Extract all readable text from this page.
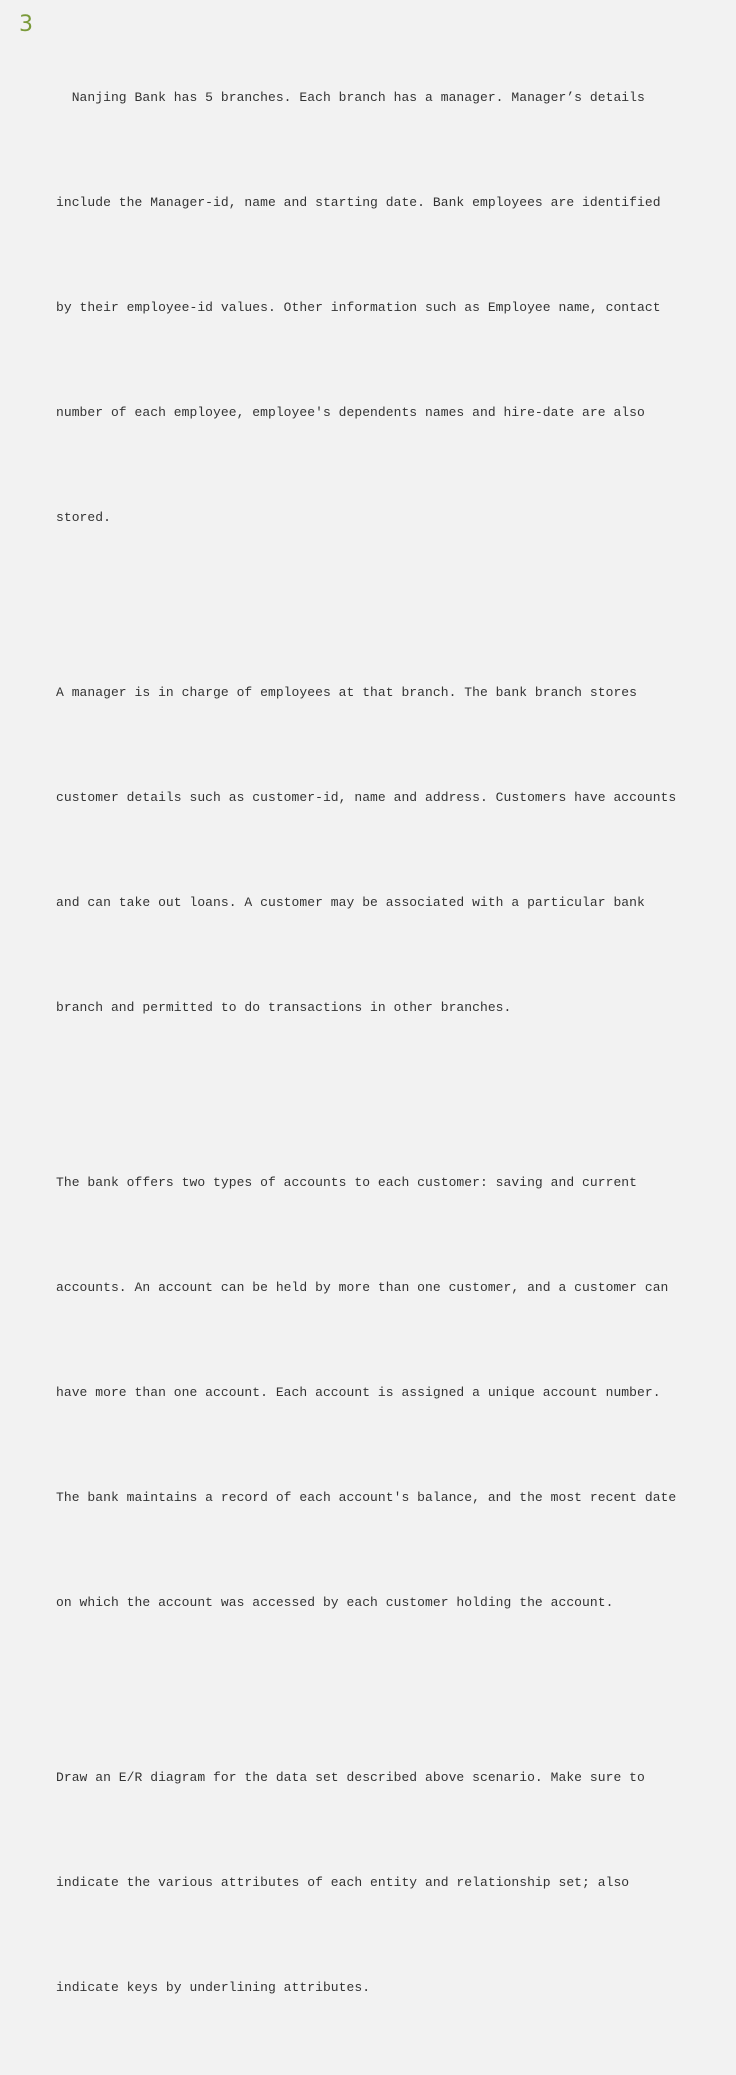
3

Nanjing Bank has 5 branches. Each branch has a manager. Manager’s details

include the Manager-id, name and starting date. Bank employees are identified

by their employee-id values. Other information such as Employee name, contact

number of each employee, employee's dependents names and hire-date are also

stored.

A manager is in charge of employees at that branch. The bank branch stores

customer details such as customer-id, name and address. Customers have accounts

and can take out loans. A customer may be associated with a particular bank

branch and permitted to do transactions in other branches.

The bank offers two types of accounts to each customer: saving and current

accounts. An account can be held by more than one customer, and a customer can

have more than one account. Each account is assigned a unique account number.

The bank maintains a record of each account's balance, and the most recent date

on which the account was accessed by each customer holding the account.

Draw an E/R diagram for the data set described above scenario. Make sure to

indicate the various attributes of each entity and relationship set; also

indicate keys by underlining attributes.
